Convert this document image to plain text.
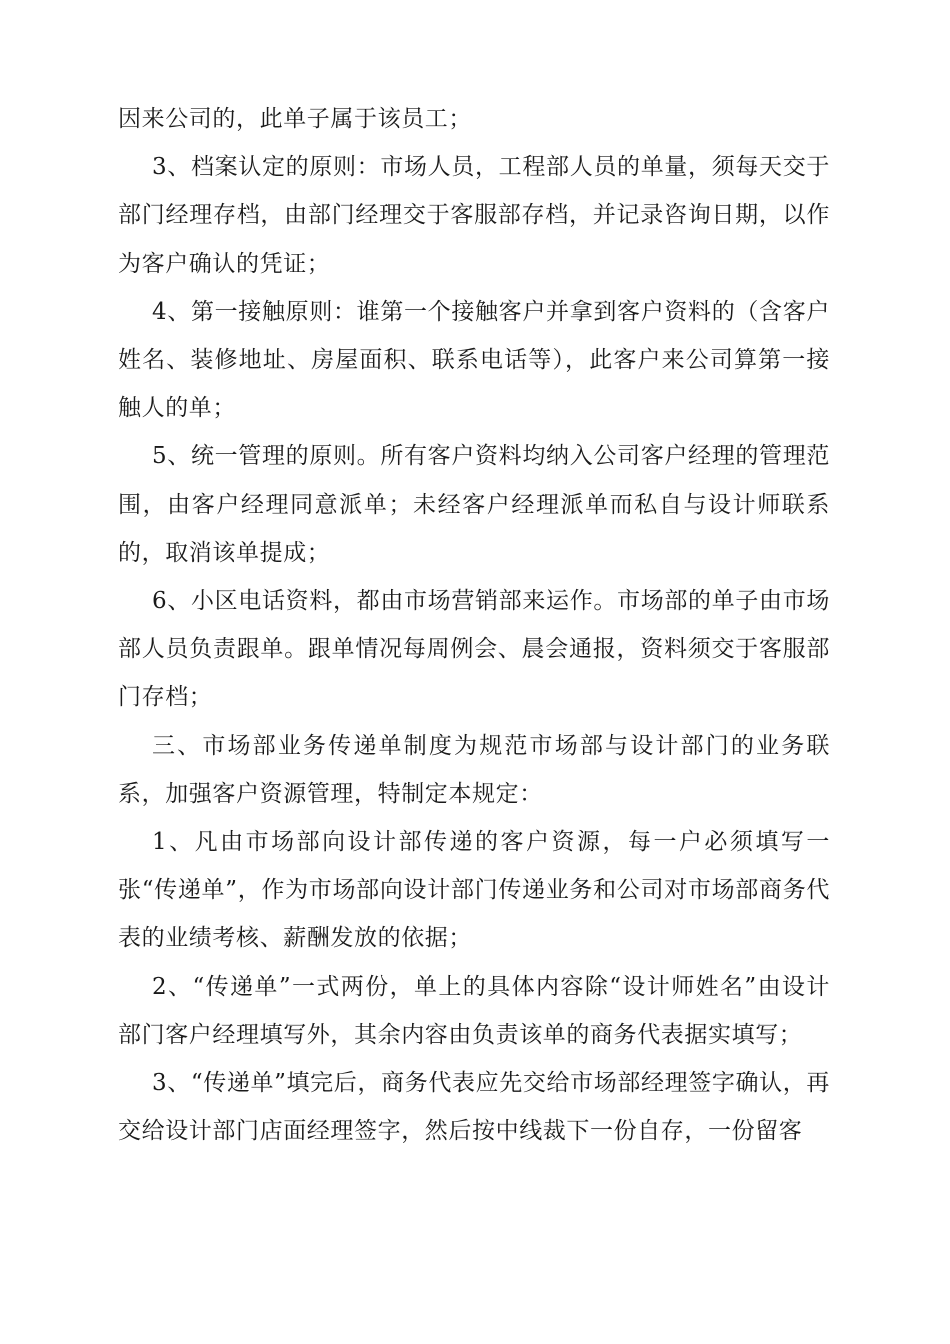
因来公司的，此单子属于该员工；

3、档案认定的原则：市场人员，工程部人员的单量，须每天交于部门经理存档，由部门经理交于客服部存档，并记录咨询日期，以作为客户确认的凭证；

4、第一接触原则：谁第一个接触客户并拿到客户资料的（含客户姓名、装修地址、房屋面积、联系电话等），此客户来公司算第一接触人的单；

5、统一管理的原则。所有客户资料均纳入公司客户经理的管理范围，由客户经理同意派单；未经客户经理派单而私自与设计师联系的，取消该单提成；

6、小区电话资料，都由市场营销部来运作。市场部的单子由市场部人员负责跟单。跟单情况每周例会、晨会通报，资料须交于客服部门存档；

三、市场部业务传递单制度为规范市场部与设计部门的业务联系，加强客户资源管理，特制定本规定：

1、凡由市场部向设计部传递的客户资源，每一户必须填写一张“传递单”，作为市场部向设计部门传递业务和公司对市场部商务代表的业绩考核、薪酬发放的依据；

2、“传递单”一式两份，单上的具体内容除“设计师姓名”由设计部门客户经理填写外，其余内容由负责该单的商务代表据实填写；

3、“传递单”填完后，商务代表应先交给市场部经理签字确认，再交给设计部门店面经理签字，然后按中线裁下一份自存，一份留客
